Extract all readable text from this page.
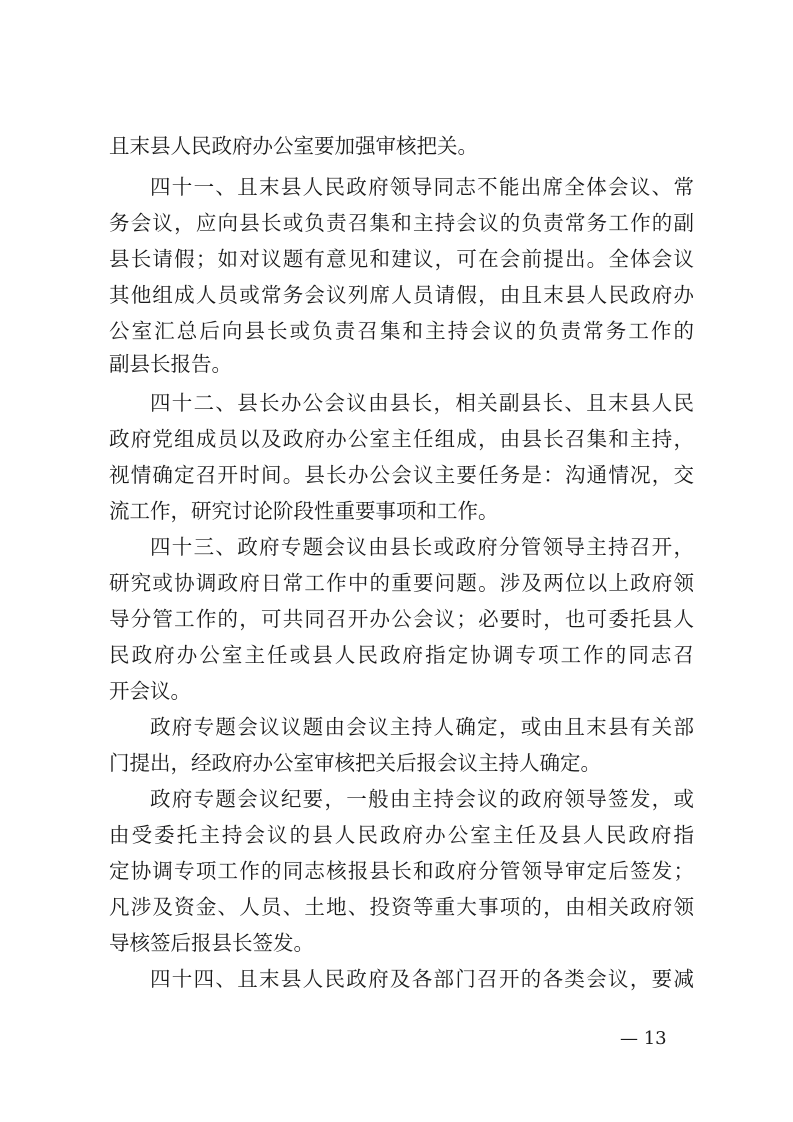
且末县人民政府办公室要加强审核把关。
四十一、且末县人民政府领导同志不能出席全体会议、常
务会议，应向县长或负责召集和主持会议的负责常务工作的副
县长请假；如对议题有意见和建议，可在会前提出。全体会议
其他组成人员或常务会议列席人员请假，由且末县人民政府办
公室汇总后向县长或负责召集和主持会议的负责常务工作的
副县长报告。
四十二、县长办公会议由县长，相关副县长、且末县人民
政府党组成员以及政府办公室主任组成，由县长召集和主持，
视情确定召开时间。县长办公会议主要任务是：沟通情况，交
流工作，研究讨论阶段性重要事项和工作。
四十三、政府专题会议由县长或政府分管领导主持召开，
研究或协调政府日常工作中的重要问题。涉及两位以上政府领
导分管工作的，可共同召开办公会议；必要时，也可委托县人
民政府办公室主任或县人民政府指定协调专项工作的同志召
开会议。
政府专题会议议题由会议主持人确定，或由且末县有关部
门提出，经政府办公室审核把关后报会议主持人确定。
政府专题会议纪要，一般由主持会议的政府领导签发，或
由受委托主持会议的县人民政府办公室主任及县人民政府指
定协调专项工作的同志核报县长和政府分管领导审定后签发；
凡涉及资金、人员、土地、投资等重大事项的，由相关政府领
导核签后报县长签发。
四十四、且末县人民政府及各部门召开的各类会议，要减
— 13
